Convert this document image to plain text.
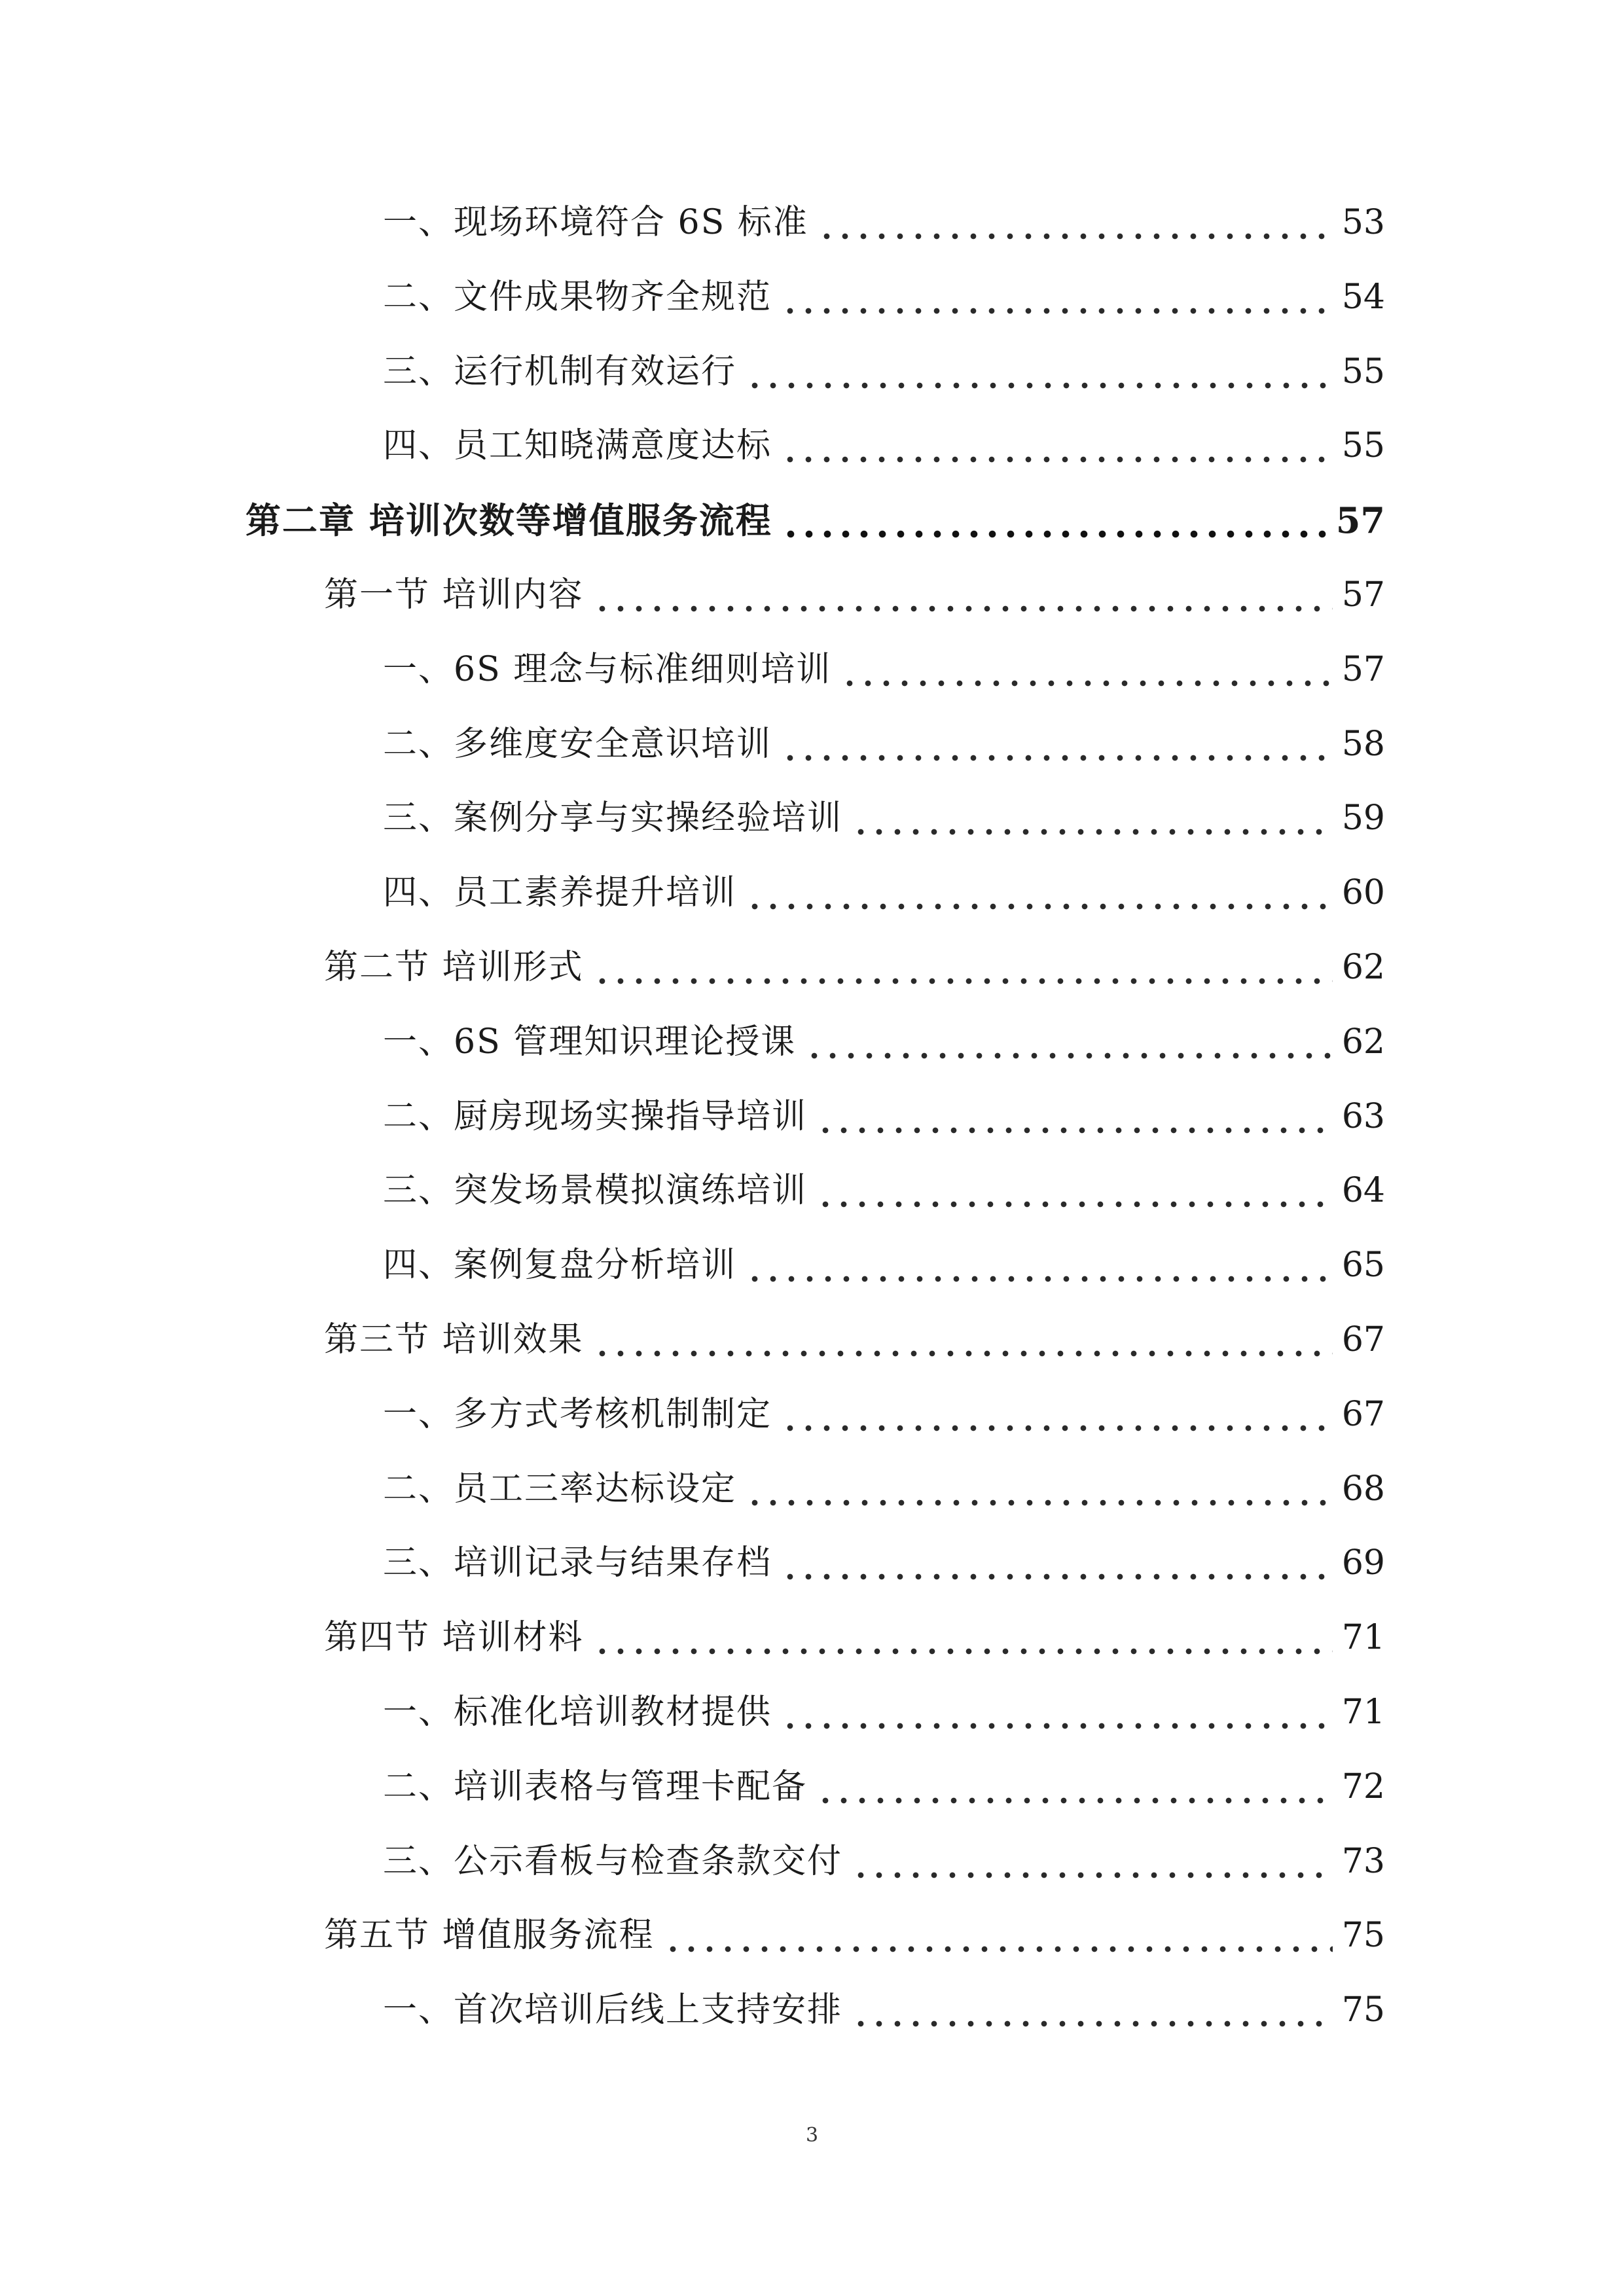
一、现场环境符合 6S 标准	53
二、文件成果物齐全规范	54
三、运行机制有效运行	55
四、员工知晓满意度达标	55
第二章 培训次数等增值服务流程	57
第一节 培训内容	57
一、6S 理念与标准细则培训	57
二、多维度安全意识培训	58
三、案例分享与实操经验培训	59
四、员工素养提升培训	60
第二节 培训形式	62
一、6S 管理知识理论授课	62
二、厨房现场实操指导培训	63
三、突发场景模拟演练培训	64
四、案例复盘分析培训	65
第三节 培训效果	67
一、多方式考核机制制定	67
二、员工三率达标设定	68
三、培训记录与结果存档	69
第四节 培训材料	71
一、标准化培训教材提供	71
二、培训表格与管理卡配备	72
三、公示看板与检查条款交付	73
第五节 增值服务流程	75
一、首次培训后线上支持安排	75
3
